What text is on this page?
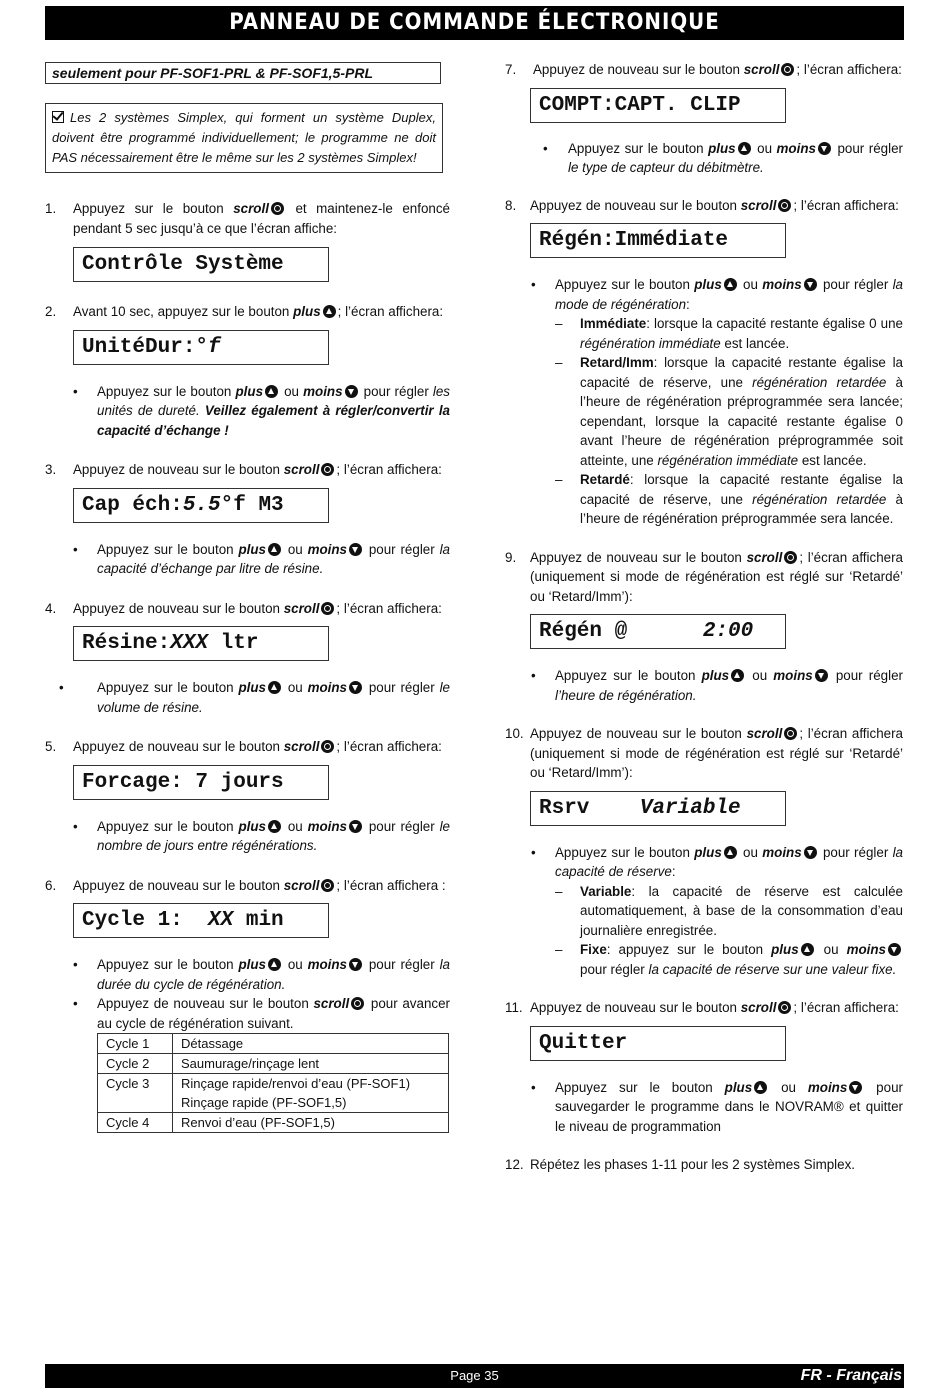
PANNEAU DE COMMANDE ÉLECTRONIQUE
seulement pour PF-SOF1-PRL & PF-SOF1,5-PRL
Les 2 systèmes Simplex, qui forment un système Duplex, doivent être programmé individuellement; le programme ne doit PAS nécessairement être le même sur les 2 systèmes Simplex!
1. Appuyez sur le bouton scroll et maintenez-le enfoncé pendant 5 sec jusqu’à ce que l’écran affiche:
Contrôle Système
2. Avant 10 sec, appuyez sur le bouton plus ; l’écran affichera:
UnitéDur:°f
• Appuyez sur le bouton plus ou moins pour régler les unités de dureté. Veillez également à régler/convertir la capacité d’échange !
3. Appuyez de nouveau sur le bouton scroll ; l’écran affichera:
Cap éch:5.5°f M3
• Appuyez sur le bouton plus ou moins pour régler la capacité d’échange par litre de résine.
4. Appuyez de nouveau sur le bouton scroll ; l’écran affichera:
Résine:XXX ltr
• Appuyez sur le bouton plus ou moins pour régler le volume de résine.
5. Appuyez de nouveau sur le bouton scroll ; l’écran affichera:
Forcage: 7 jours
• Appuyez sur le bouton plus ou moins pour régler le nombre de jours entre régénérations.
6. Appuyez de nouveau sur le bouton scroll ; l’écran affichera :
Cycle 1:  XX min
• Appuyez sur le bouton plus ou moins pour régler la durée du cycle de régénération.
• Appuyez de nouveau sur le bouton scroll pour avancer au cycle de régénération suivant.
Cycle 1	Détassage
Cycle 2	Saumurage/rinçage lent
Cycle 3	Rinçage rapide/renvoi d’eau (PF-SOF1)
Rinçage rapide (PF-SOF1,5)

Cycle 4	Renvoi d’eau (PF-SOF1,5)
7. Appuyez de nouveau sur le bouton scroll ; l’écran affichera:
COMPT:CAPT. CLIP
• Appuyez sur le bouton plus ou moins pour régler le type de capteur du débitmètre.
8. Appuyez de nouveau sur le bouton scroll ; l’écran affichera:
Régén:Immédiate
• Appuyez sur le bouton plus ou moins pour régler la mode de régénération:
– Immédiate: lorsque la capacité restante égalise 0 une régénération immédiate est lancée.
– Retard/Imm: lorsque la capacité restante égalise la capacité de réserve, une régénération retardée à l’heure de régénération préprogrammée sera lancée; cependant, lorsque la capacité restante égalise 0 avant l’heure de régénération préprogrammée soit atteinte, une régénération immédiate est lancée.
– Retardé: lorsque la capacité restante égalise la capacité de réserve, une régénération retardée à l’heure de régénération préprogrammée sera lancée.
9. Appuyez de nouveau sur le bouton scroll ; l’écran affichera (uniquement si mode de régénération est réglé sur ‘Retardé’ ou ‘Retard/Imm’):
Régén @      2:00
• Appuyez sur le bouton plus ou moins pour régler l’heure de régénération.
10. Appuyez de nouveau sur le bouton scroll ; l’écran affichera (uniquement si mode de régénération est réglé sur ‘Retardé’ ou ‘Retard/Imm’):
Rsrv    Variable
• Appuyez sur le bouton plus ou moins pour régler la capacité de réserve:
– Variable: la capacité de réserve est calculée automatiquement, à base de la consommation d’eau journalière enregistrée.
– Fixe: appuyez sur le bouton plus ou moins pour régler la capacité de réserve sur une valeur fixe.
11. Appuyez de nouveau sur le bouton scroll ; l’écran affichera:
Quitter
• Appuyez sur le bouton plus ou moins pour sauvegarder le programme dans le NOVRAM® et quitter le niveau de programmation
12. Répétez les phases 1-11 pour les 2 systèmes Simplex.
Page 35	FR - Français
